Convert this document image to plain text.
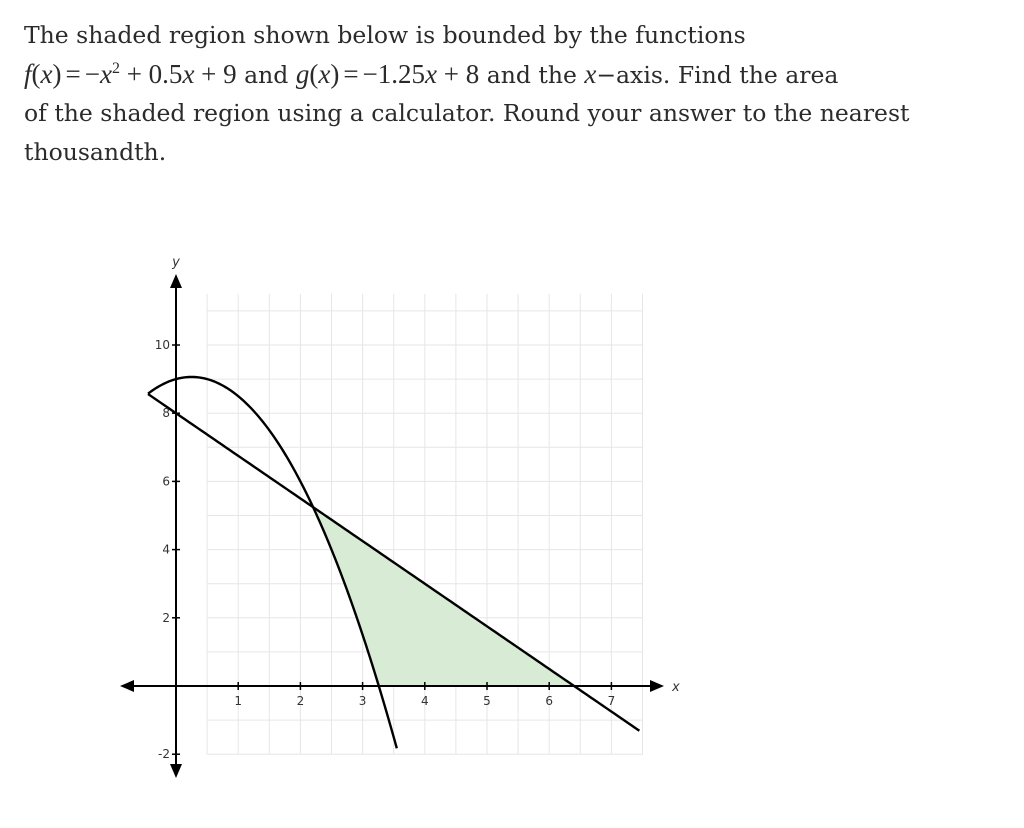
The shaded region shown below is bounded by the functions
$f(x) = -x^2 + 0.5x + 9$ and g(x) = −1.25x + 8 and the x−axis. Find the area
of the shaded region using a calculator. Round your answer to the nearest
thousandth.
1	2	3	4	5	6	7
-2
2
4
6
8
10
x
y
